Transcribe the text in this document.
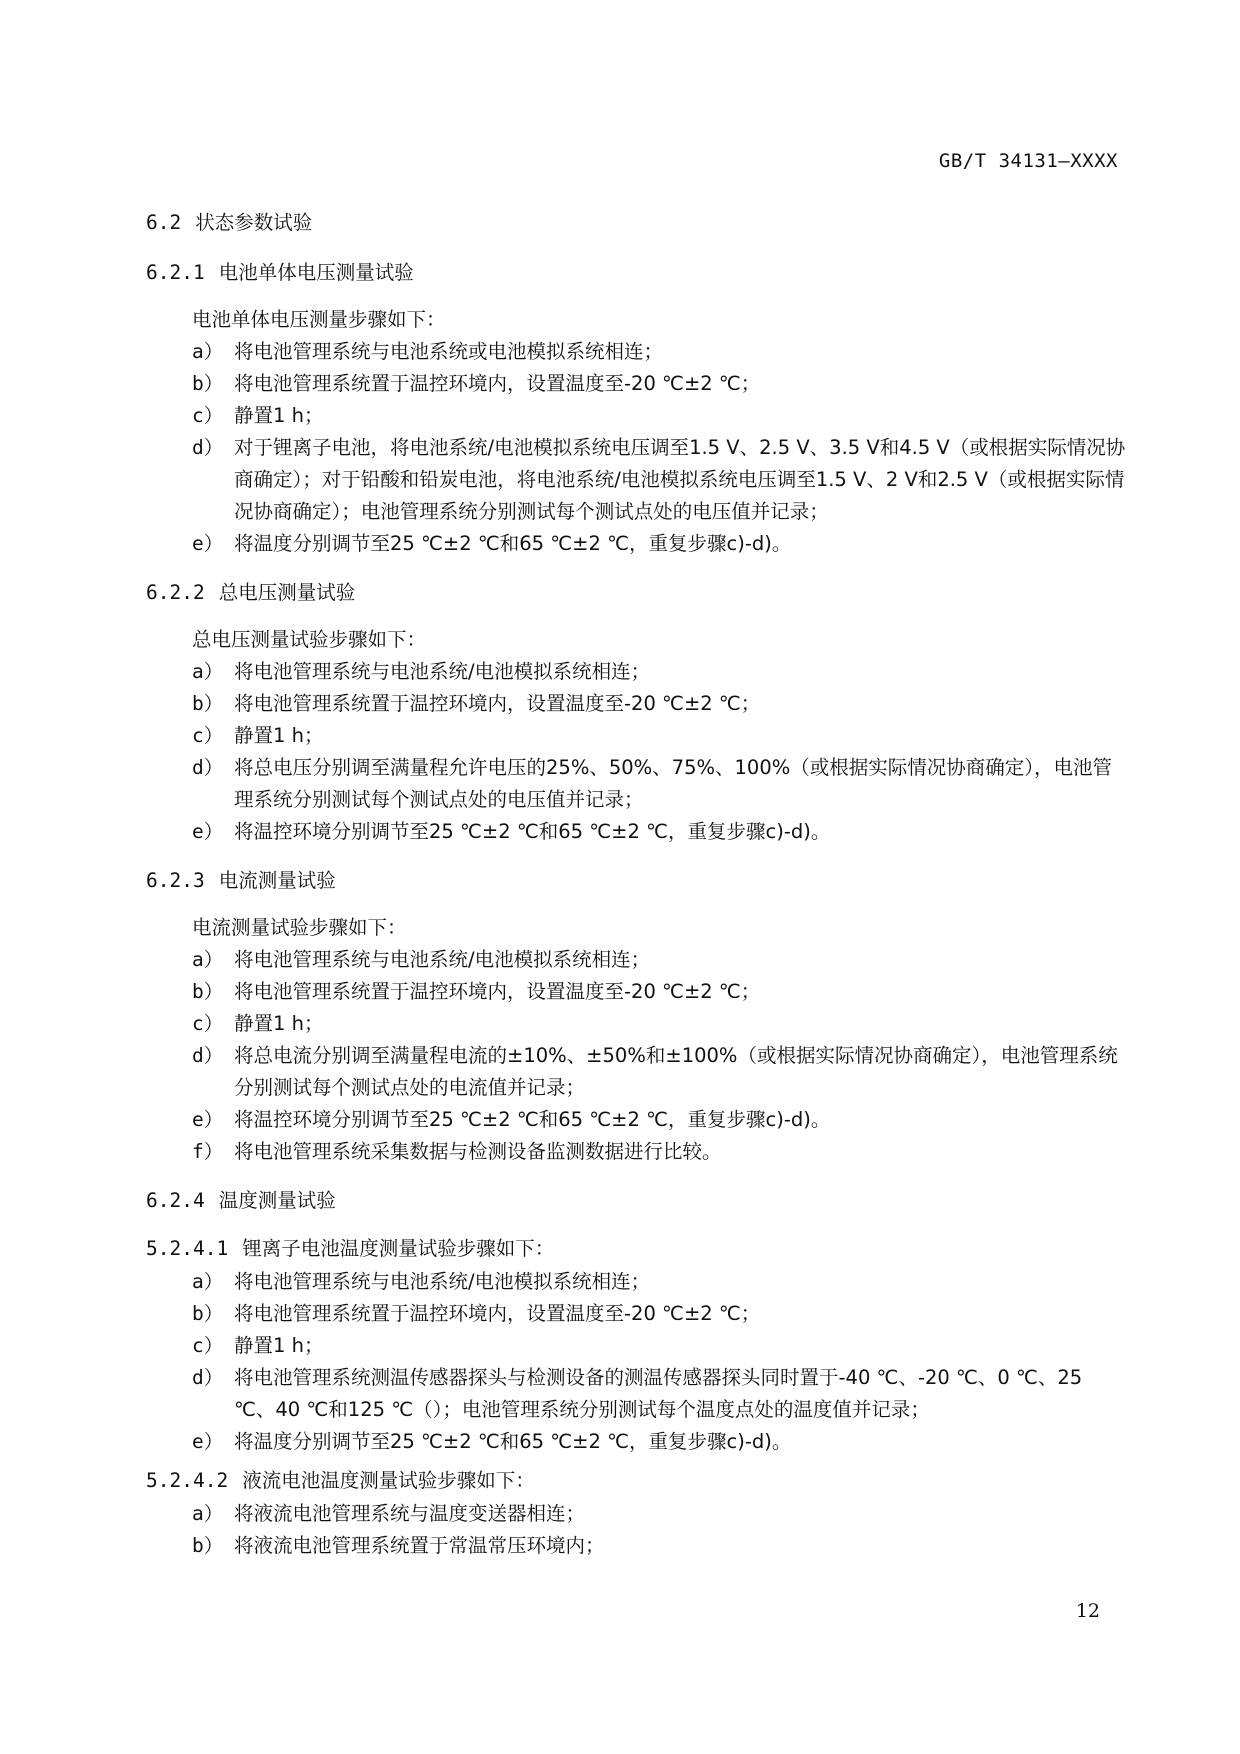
GB/T 34131—XXXX
6.2 状态参数试验
6.2.1 电池单体电压测量试验
电池单体电压测量步骤如下：
a） 将电池管理系统与电池系统或电池模拟系统相连；
b） 将电池管理系统置于温控环境内，设置温度至-20 ℃±2 ℃；
c） 静置1 h；
d） 对于锂离子电池，将电池系统/电池模拟系统电压调至1.5 V、2.5 V、3.5 V和4.5 V（或根据实际情况协商确定）；对于铅酸和铅炭电池，将电池系统/电池模拟系统电压调至1.5 V、2 V和2.5 V（或根据实际情况协商确定）；电池管理系统分别测试每个测试点处的电压值并记录；
e） 将温度分别调节至25 ℃±2 ℃和65 ℃±2 ℃，重复步骤c)-d)。
6.2.2 总电压测量试验
总电压测量试验步骤如下：
a） 将电池管理系统与电池系统/电池模拟系统相连；
b） 将电池管理系统置于温控环境内，设置温度至-20 ℃±2 ℃；
c） 静置1 h；
d） 将总电压分别调至满量程允许电压的25%、50%、75%、100%（或根据实际情况协商确定），电池管理系统分别测试每个测试点处的电压值并记录；
e） 将温控环境分别调节至25 ℃±2 ℃和65 ℃±2 ℃，重复步骤c)-d)。
6.2.3 电流测量试验
电流测量试验步骤如下：
a） 将电池管理系统与电池系统/电池模拟系统相连；
b） 将电池管理系统置于温控环境内，设置温度至-20 ℃±2 ℃；
c） 静置1 h；
d） 将总电流分别调至满量程电流的±10%、±50%和±100%（或根据实际情况协商确定），电池管理系统分别测试每个测试点处的电流值并记录；
e） 将温控环境分别调节至25 ℃±2 ℃和65 ℃±2 ℃，重复步骤c)-d)。
f） 将电池管理系统采集数据与检测设备监测数据进行比较。
6.2.4 温度测量试验
5.2.4.1 锂离子电池温度测量试验步骤如下：
a） 将电池管理系统与电池系统/电池模拟系统相连；
b） 将电池管理系统置于温控环境内，设置温度至-20 ℃±2 ℃；
c） 静置1 h；
d） 将电池管理系统测温传感器探头与检测设备的测温传感器探头同时置于-40 ℃、-20 ℃、0 ℃、25 ℃、40 ℃和125 ℃（）；电池管理系统分别测试每个温度点处的温度值并记录；
e） 将温度分别调节至25 ℃±2 ℃和65 ℃±2 ℃，重复步骤c)-d)。
5.2.4.2 液流电池温度测量试验步骤如下：
a） 将液流电池管理系统与温度变送器相连；
b） 将液流电池管理系统置于常温常压环境内；
12
